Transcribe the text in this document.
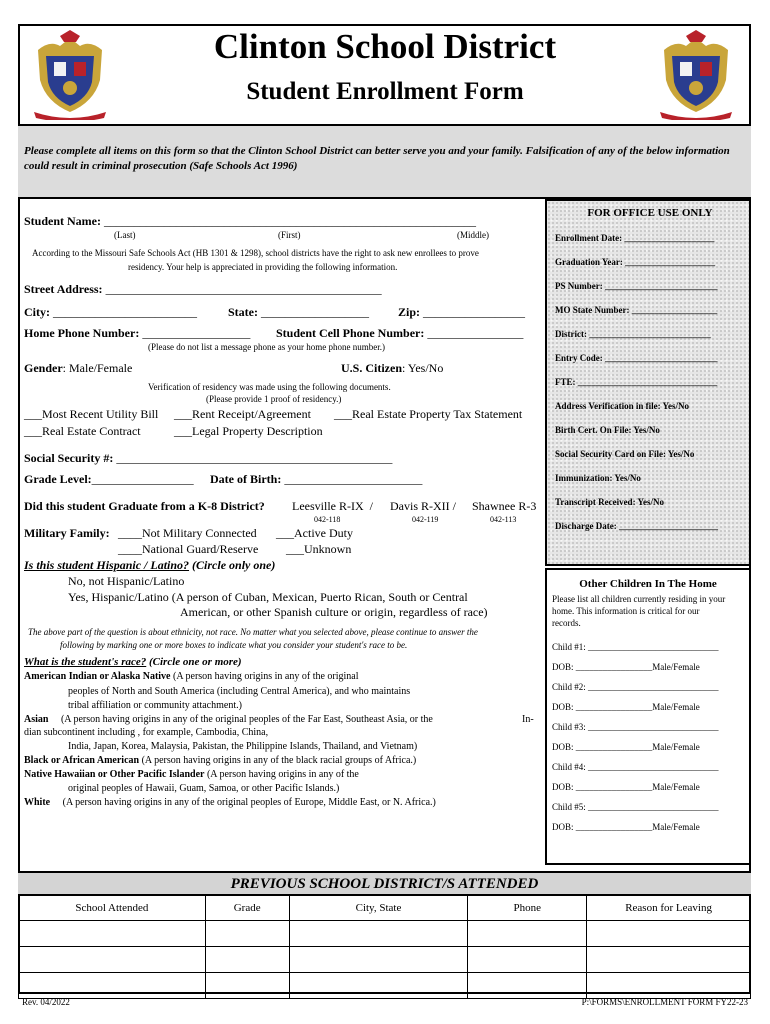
Clinton School District
Student Enrollment Form
Please complete all items on this form so that the Clinton School District can better serve you and your family. Falsification of any of the below information could result in criminal prosecution (Safe Schools Act 1996)
Student Name: ______________________________________________________________
(Last)	(First)	(Middle)
According to the Missouri Safe Schools Act (HB 1301 & 1298), school districts have the right to ask new enrollees to prove
residency. Your help is appreciated in providing the following information.
Street Address: ______________________________________________
City: ________________________	State: __________________ Zip: _________________
Home Phone Number: __________________ Student Cell Phone Number: ________________
(Please do not list a message phone as your home phone number.)
Gender: Male/Female	U.S. Citizen: Yes/No
Verification of residency was made using the following documents.
(Please provide 1 proof of residency.)
___Most Recent Utility Bill ___Rent Receipt/Agreement ___Real Estate Property Tax Statement
___Real Estate Contract	___Legal Property Description
Social Security #: ______________________________________________
Grade Level:_________________ Date of Birth: _______________________
Did this student Graduate from a K-8 District? Leesville R-IX  / Davis R-XII / Shawnee R-3
042-118	042-119	042-113
Military Family: ____Not Military Connected ___Active Duty
____National Guard/Reserve ___Unknown
Is this student Hispanic / Latino? (Circle only one)
No, not Hispanic/Latino
Yes, Hispanic/Latino (A person of Cuban, Mexican, Puerto Rican, South or Central
American, or other Spanish culture or origin, regardless of race)
The above part of the question is about ethnicity, not race. No matter what you selected above, please continue to answer the
following by marking one or more boxes to indicate what you consider your student's race to be.
What is the student's race? (Circle one or more)
American Indian or Alaska Native (A person having origins in any of the original
peoples of North and South America (including Central America), and who maintains
tribal affiliation or community attachment.)
Asian (A person having origins in any of the original peoples of the Far East, Southeast Asia, or the	In-
dian subcontinent including , for example, Cambodia, China,
India, Japan, Korea, Malaysia, Pakistan, the Philippine Islands, Thailand, and Vietnam)
Black or African American (A person having origins in any of the black racial groups of Africa.)
Native Hawaiian or Other Pacific Islander (A person having origins in any of the
original peoples of Hawaii, Guam, Samoa, or other Pacific Islands.)
White (A person having origins in any of the original peoples of Europe, Middle East, or N. Africa.)
FOR OFFICE USE ONLY
Enrollment Date: ____________________
Graduation Year: ____________________
PS Number: _________________________
MO State Number: ___________________
District: ___________________________
Entry Code: _________________________
FTE: _______________________________
Address Verification in file: Yes/No
Birth Cert. On File: Yes/No
Social Security Card on File: Yes/No
Immunization: Yes/No
Transcript Received: Yes/No
Discharge Date: ______________________
Other Children In The Home
Please list all children currently residing in your
home. This information is critical for our
records.
Child #1: _____________________________
DOB: _________________Male/Female
Child #2: _____________________________
DOB: _________________Male/Female
Child #3: _____________________________
DOB: _________________Male/Female
Child #4: _____________________________
DOB: _________________Male/Female
Child #5: _____________________________
DOB: _________________Male/Female
PREVIOUS SCHOOL DISTRICT/S ATTENDED
School Attended	Grade	City, State	Phone	Reason for Leaving

Rev. 04/2022	P:\FORMS\ENROLLMENT FORM FY22-23
